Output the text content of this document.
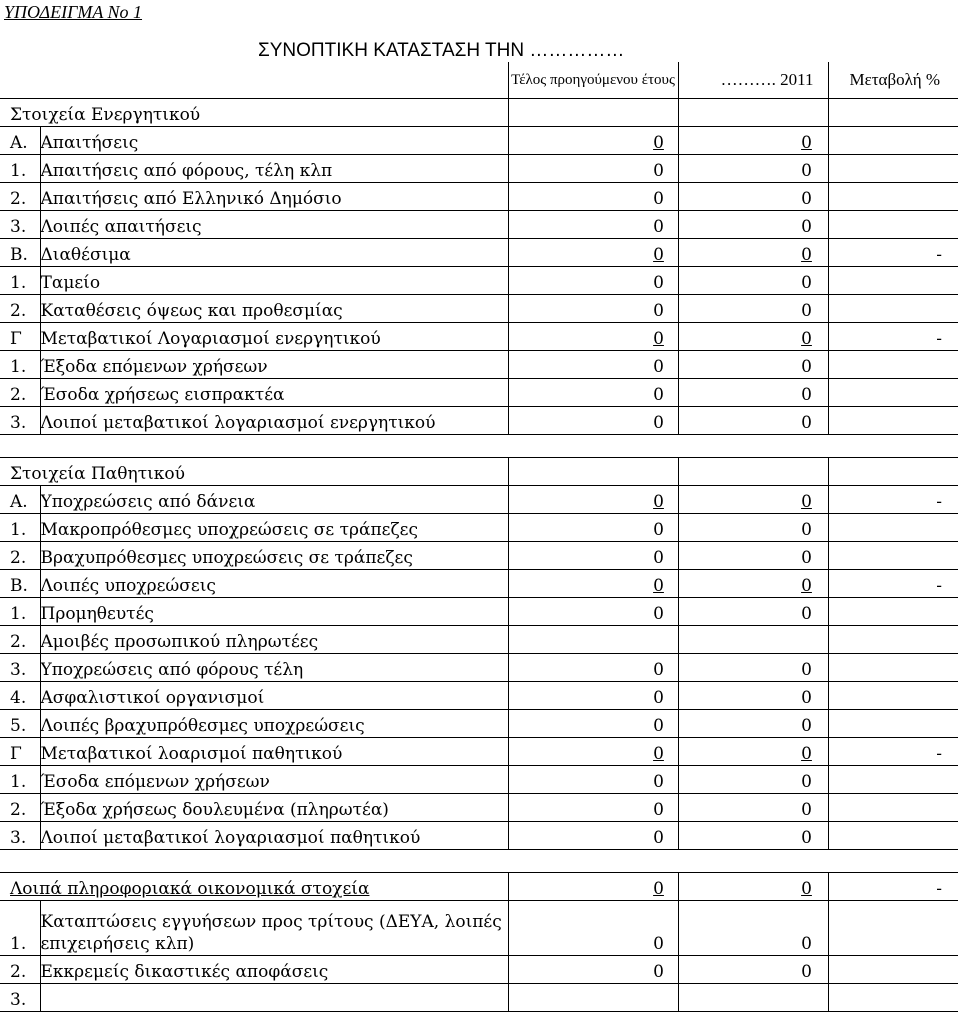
ΥΠΟΔΕΙΓΜΑ Νο 1
ΣΥΝΟΠΤΙΚΗ ΚΑΤΑΣΤΑΣΗ ΤΗΝ ……………
		Τέλος προηγούμενου έτους	………. 2011	Μεταβολή %
Στοιχεία Ενεργητικού				
Α.	Απαιτήσεις	0	0	
1.	Απαιτήσεις από φόρους, τέλη κλπ	0	0	
2.	Απαιτήσεις από Ελληνικό Δημόσιο	0	0	
3.	Λοιπές απαιτήσεις	0	0	
Β.	Διαθέσιμα	0	0	-
1.	Ταμείο	0	0	
2.	Καταθέσεις όψεως και προθεσμίας	0	0	
Γ	Μεταβατικοί Λογαριασμοί ενεργητικού	0	0	-
1.	Έξοδα επόμενων χρήσεων	0	0	
2.	Έσοδα χρήσεως εισπρακτέα	0	0	
3.	Λοιποί μεταβατικοί λογαριασμοί ενεργητικού	0	0	

Στοιχεία Παθητικού				
Α.	Υποχρεώσεις από δάνεια	0	0	-
1.	Μακροπρόθεσμες υποχρεώσεις σε τράπεζες	0	0	
2.	Βραχυπρόθεσμες υποχρεώσεις σε τράπεζες	0	0	
Β.	Λοιπές υποχρεώσεις	0	0	-
1.	Προμηθευτές	0	0	
2.	Αμοιβές προσωπικού πληρωτέες			
3.	Υποχρεώσεις από φόρους τέλη	0	0	
4.	Ασφαλιστικοί οργανισμοί	0	0	
5.	Λοιπές βραχυπρόθεσμες υποχρεώσεις	0	0	
Γ	Μεταβατικοί λοαρισμοί παθητικού	0	0	-
1.	Έσοδα επόμενων χρήσεων	0	0	
2.	Έξοδα χρήσεως δουλευμένα (πληρωτέα)	0	0	
3.	Λοιποί μεταβατικοί λογαριασμοί παθητικού	0	0	

Λοιπά πληροφοριακά οικονομικά στοχεία		0	0	-
1.	Καταπτώσεις εγγυήσεων προς τρίτους (ΔΕΥΑ, λοιπές επιχειρήσεις κλπ)	0	0	
2.	Εκκρεμείς δικαστικές αποφάσεις	0	0	
3.				
